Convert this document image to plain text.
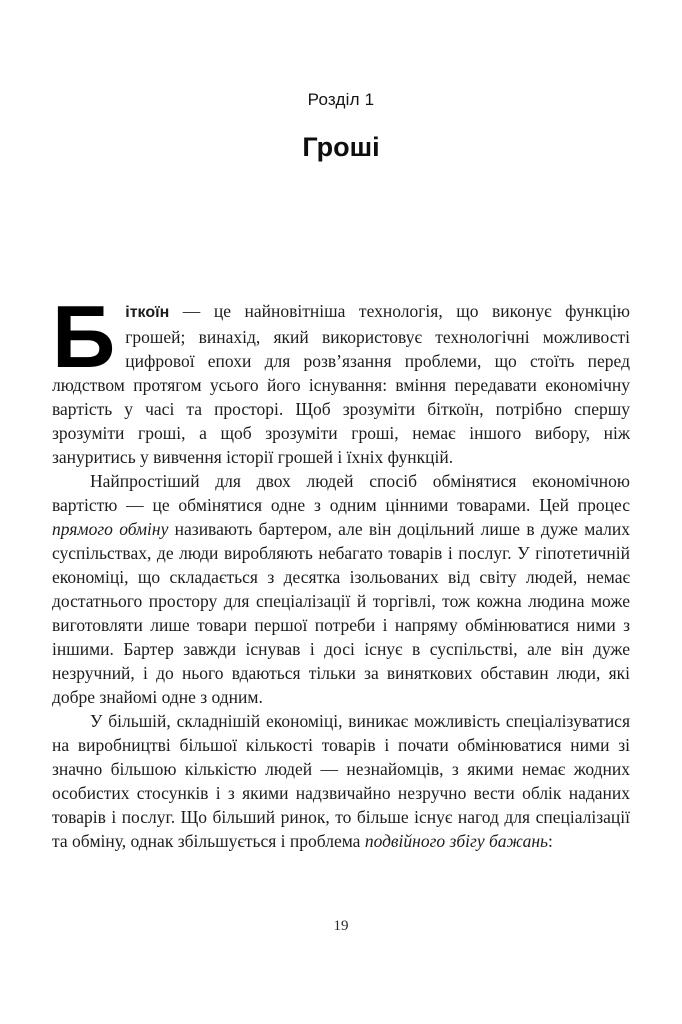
Розділ 1
Гроші

Біткоїн — це найновітніша технологія, що виконує функцію грошей; винахід, який використовує технологічні можливості цифрової епохи для розв’язання проблеми, що стоїть перед людством протягом усього його існування: вміння передавати економічну вартість у часі та просторі. Щоб зрозуміти біткоїн, потрібно спершу зрозуміти гроші, а щоб зрозуміти гроші, немає іншого вибору, ніж зануритись у вивчення історії грошей і їхніх функцій.

Найпростіший для двох людей спосіб обмінятися економічною вартістю — це обмінятися одне з одним цінними товарами. Цей процес прямого обміну називають бартером, але він доцільний лише в дуже малих суспільствах, де люди виробляють небагато товарів і послуг. У гіпотетичній економіці, що складається з десятка ізольованих від світу людей, немає достатнього простору для спеціалізації й торгівлі, тож кожна людина може виготовляти лише товари першої потреби і напряму обмінюватися ними з іншими. Бартер завжди існував і досі існує в суспільстві, але він дуже незручний, і до нього вдаються тільки за виняткових обставин люди, які добре знайомі одне з одним.

У більшій, складнішій економіці, виникає можливість спеціалізуватися на виробництві більшої кількості товарів і почати обмінюватися ними зі значно більшою кількістю людей — незнайомців, з якими немає жодних особистих стосунків і з якими надзвичайно незручно вести облік наданих товарів і послуг. Що більший ринок, то більше існує нагод для спеціалізації та обміну, однак збільшується і проблема подвійного збігу бажань:

19
